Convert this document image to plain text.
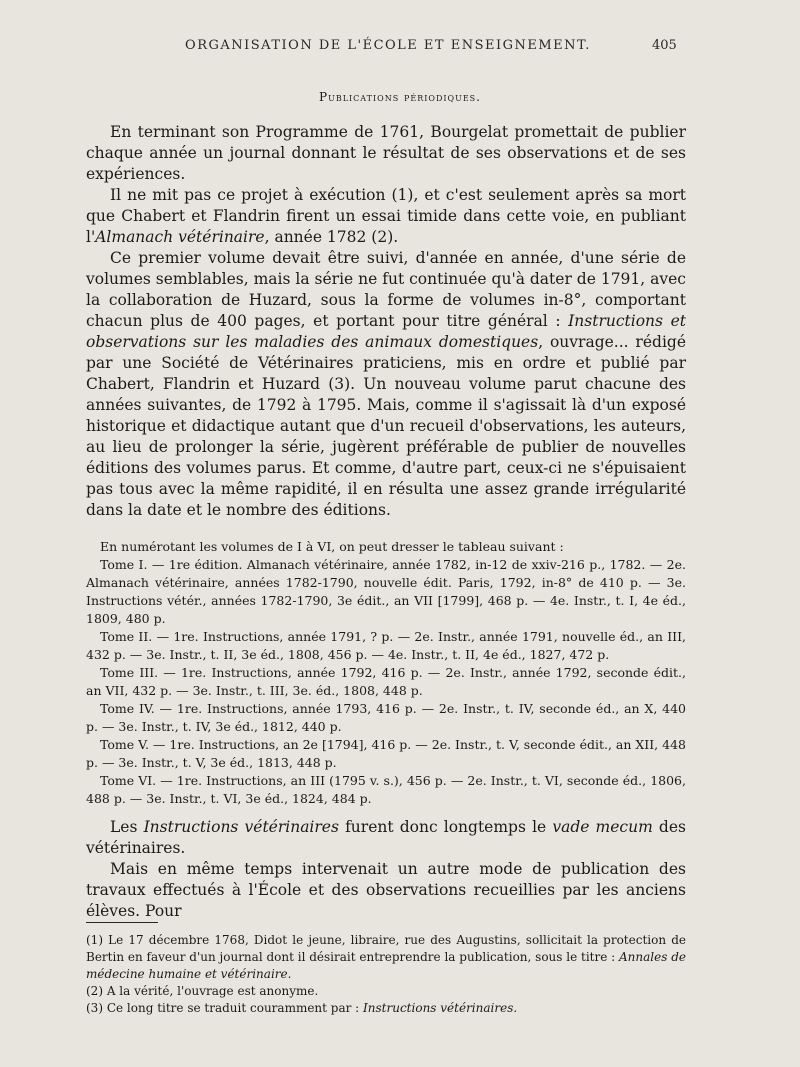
ORGANISATION DE L'ÉCOLE ET ENSEIGNEMENT.	405
Publications périodiques.

En terminant son Programme de 1761, Bourgelat promettait de publier chaque année un journal donnant le résultat de ses observations et de ses expériences.

Il ne mit pas ce projet à exécution (1), et c'est seulement après sa mort que Chabert et Flandrin firent un essai timide dans cette voie, en publiant l'Almanach vétérinaire, année 1782 (2).

Ce premier volume devait être suivi, d'année en année, d'une série de volumes semblables, mais la série ne fut continuée qu'à dater de 1791, avec la collaboration de Huzard, sous la forme de volumes in-8°, comportant chacun plus de 400 pages, et portant pour titre général : Instructions et observations sur les maladies des animaux domestiques, ouvrage... rédigé par une Société de Vétérinaires praticiens, mis en ordre et publié par Chabert, Flandrin et Huzard (3). Un nouveau volume parut chacune des années suivantes, de 1792 à 1795. Mais, comme il s'agissait là d'un exposé historique et didactique autant que d'un recueil d'observations, les auteurs, au lieu de prolonger la série, jugèrent préférable de publier de nouvelles éditions des volumes parus. Et comme, d'autre part, ceux-ci ne s'épuisaient pas tous avec la même rapidité, il en résulta une assez grande irrégularité dans la date et le nombre des éditions.

En numérotant les volumes de I à VI, on peut dresser le tableau suivant :

Tome I. — 1re édition. Almanach vétérinaire, année 1782, in-12 de xxiv-216 p., 1782. — 2e. Almanach vétérinaire, années 1782-1790, nouvelle édit. Paris, 1792, in-8° de 410 p. — 3e. Instructions vétér., années 1782-1790, 3e édit., an VII [1799], 468 p. — 4e. Instr., t. I, 4e éd., 1809, 480 p.

Tome II. — 1re. Instructions, année 1791, ? p. — 2e. Instr., année 1791, nouvelle éd., an III, 432 p. — 3e. Instr., t. II, 3e éd., 1808, 456 p. — 4e. Instr., t. II, 4e éd., 1827, 472 p.

Tome III. — 1re. Instructions, année 1792, 416 p. — 2e. Instr., année 1792, seconde édit., an VII, 432 p. — 3e. Instr., t. III, 3e. éd., 1808, 448 p.

Tome IV. — 1re. Instructions, année 1793, 416 p. — 2e. Instr., t. IV, seconde éd., an X, 440 p. — 3e. Instr., t. IV, 3e éd., 1812, 440 p.

Tome V. — 1re. Instructions, an 2e [1794], 416 p. — 2e. Instr., t. V, seconde édit., an XII, 448 p. — 3e. Instr., t. V, 3e éd., 1813, 448 p.

Tome VI. — 1re. Instructions, an III (1795 v. s.), 456 p. — 2e. Instr., t. VI, seconde éd., 1806, 488 p. — 3e. Instr., t. VI, 3e éd., 1824, 484 p.

Les Instructions vétérinaires furent donc longtemps le vade mecum des vétérinaires.

Mais en même temps intervenait un autre mode de publication des travaux effectués à l'École et des observations recueillies par les anciens élèves. Pour

(1) Le 17 décembre 1768, Didot le jeune, libraire, rue des Augustins, sollicitait la protection de Bertin en faveur d'un journal dont il désirait entreprendre la publication, sous le titre : Annales de médecine humaine et vétérinaire.

(2) A la vérité, l'ouvrage est anonyme.

(3) Ce long titre se traduit couramment par : Instructions vétérinaires.
